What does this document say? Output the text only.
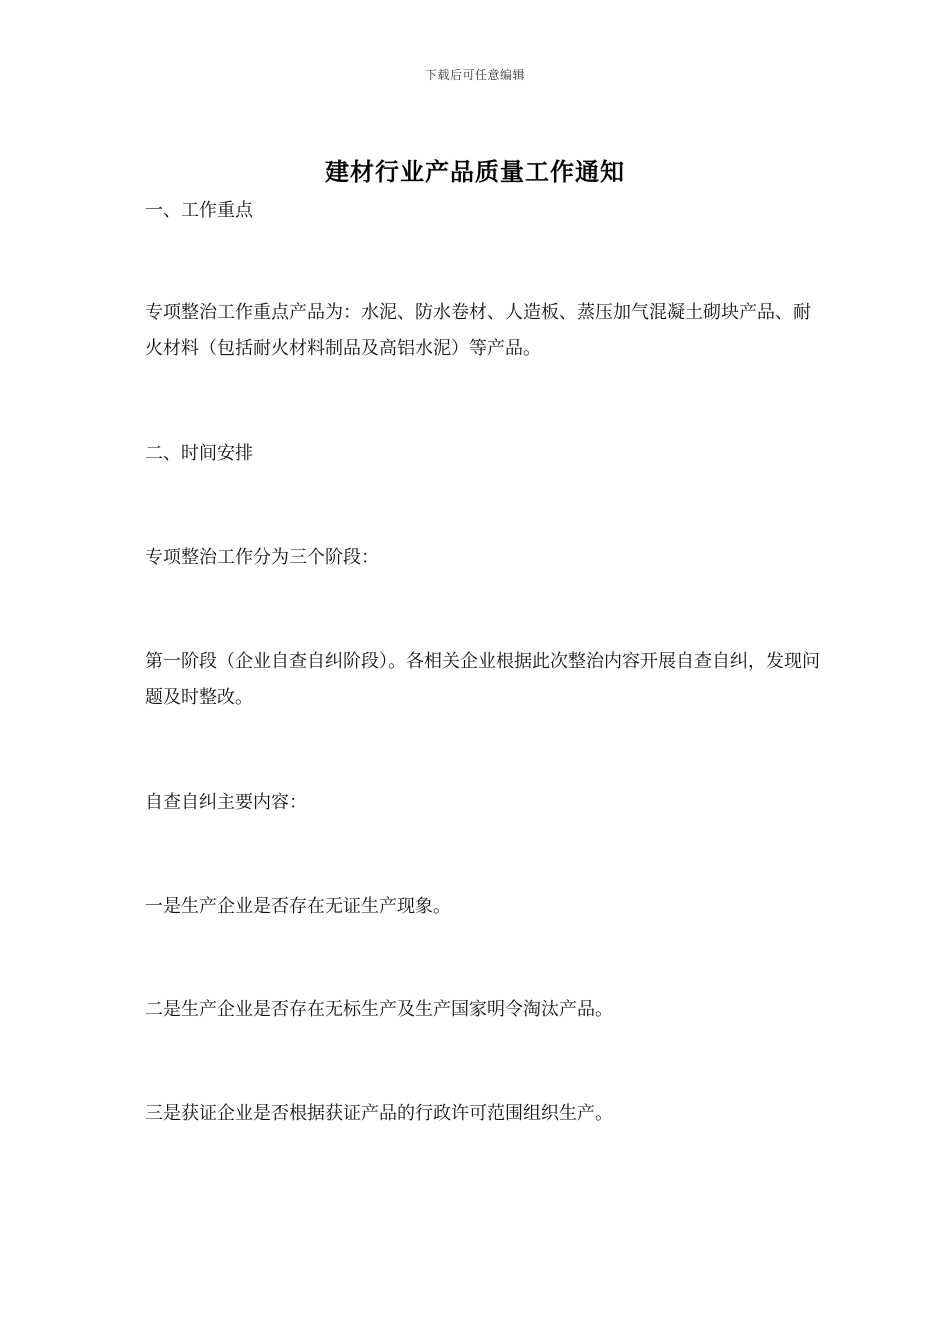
下载后可任意编辑
建材行业产品质量工作通知
一、工作重点
专项整治工作重点产品为：水泥、防水卷材、人造板、蒸压加气混凝土砌块产品、耐火材料（包括耐火材料制品及高铝水泥）等产品。
二、时间安排
专项整治工作分为三个阶段：
第一阶段（企业自查自纠阶段）。各相关企业根据此次整治内容开展自查自纠，发现问题及时整改。
自查自纠主要内容：
一是生产企业是否存在无证生产现象。
二是生产企业是否存在无标生产及生产国家明令淘汰产品。
三是获证企业是否根据获证产品的行政许可范围组织生产。
